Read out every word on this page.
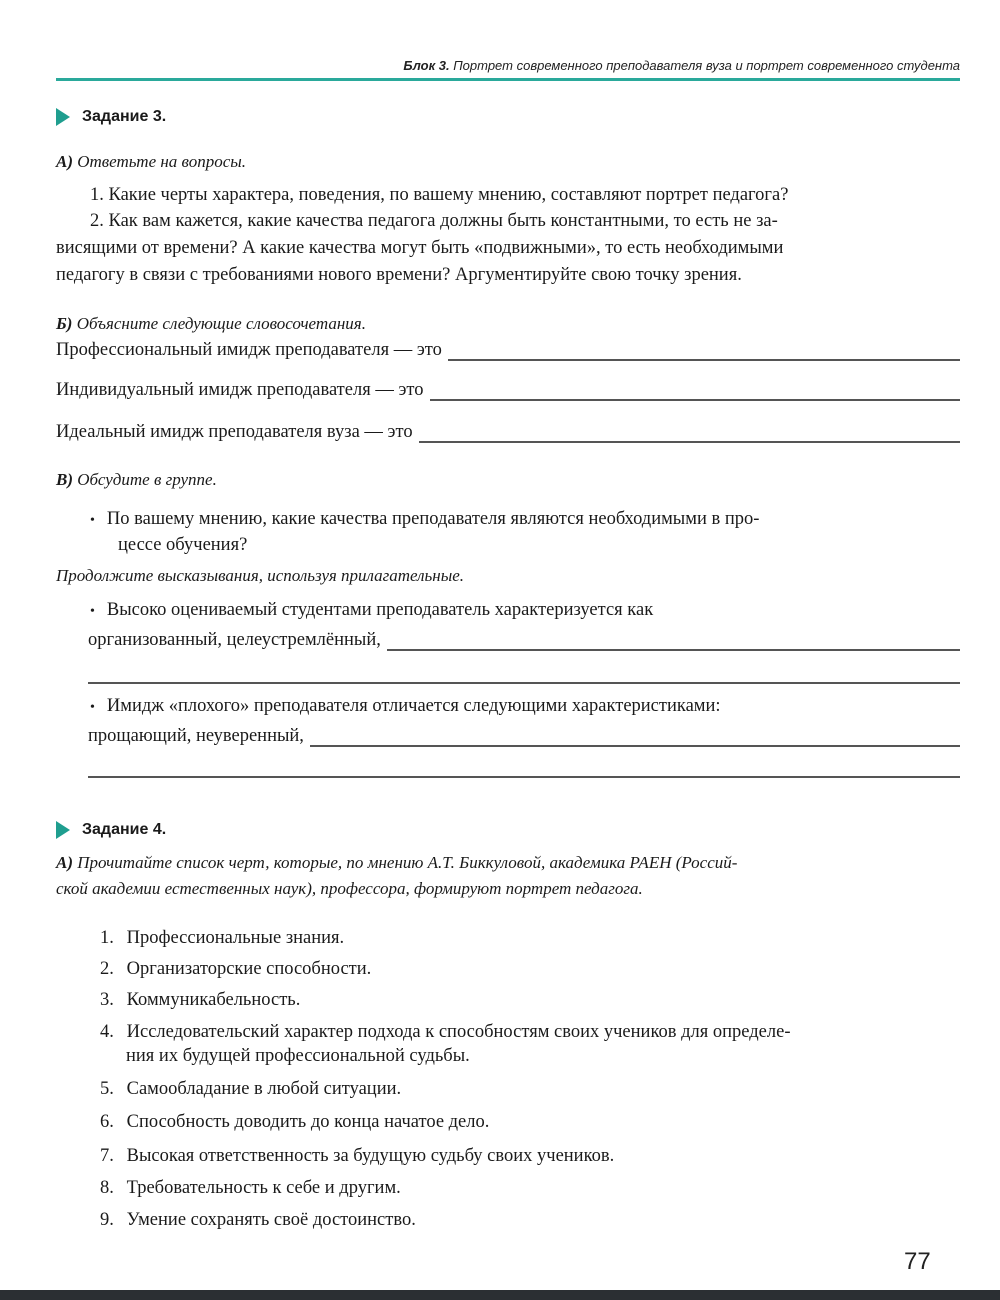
Блок 3. Портрет современного преподавателя вуза и портрет современного студента
Задание 3.
А) Ответьте на вопросы.
1. Какие черты характера, поведения, по вашему мнению, составляют портрет педагога?
2. Как вам кажется, какие качества педагога должны быть константными, то есть не за-
висящими от времени? А какие качества могут быть «подвижными», то есть необходимыми
педагогу в связи с требованиями нового времени? Аргументируйте свою точку зрения.
Б) Объясните следующие словосочетания.
Профессиональный имидж преподавателя — это
Индивидуальный имидж преподавателя — это
Идеальный имидж преподавателя вуза — это
В) Обсудите в группе.
• По вашему мнению, какие качества преподавателя являются необходимыми в про-
цессе обучения?
Продолжите высказывания, используя прилагательные.
• Высоко оцениваемый студентами преподаватель характеризуется как
организованный, целеустремлённый,
• Имидж «плохого» преподавателя отличается следующими характеристиками:
прощающий, неуверенный,
Задание 4.
А) Прочитайте список черт, которые, по мнению А.Т. Биккуловой, академика РАЕН (Россий-
ской академии естественных наук), профессора, формируют портрет педагога.
1. Профессиональные знания.
2. Организаторские способности.
3. Коммуникабельность.
4. Исследовательский характер подхода к способностям своих учеников для определе-
ния их будущей профессиональной судьбы.
5. Самообладание в любой ситуации.
6. Способность доводить до конца начатое дело.
7. Высокая ответственность за будущую судьбу своих учеников.
8. Требовательность к себе и другим.
9. Умение сохранять своё достоинство.
77
